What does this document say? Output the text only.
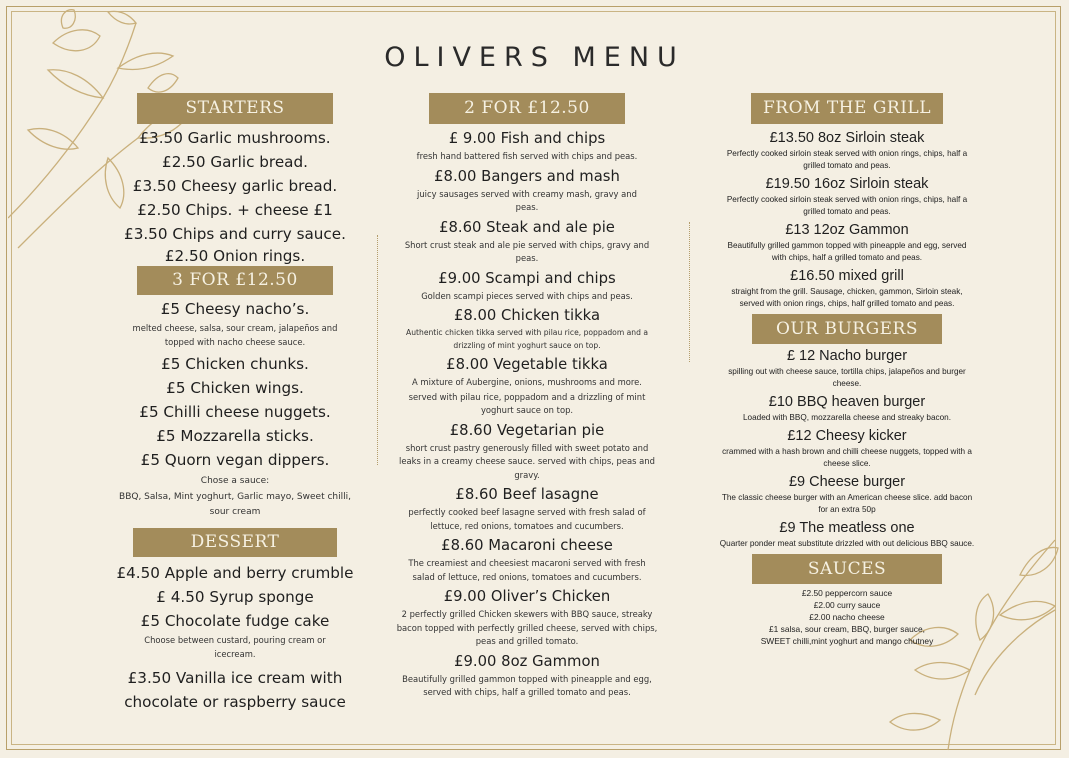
OLIVERS MENU
STARTERS
£3.50 Garlic mushrooms.
£2.50 Garlic bread.
£3.50 Cheesy garlic bread.
£2.50 Chips. + cheese £1
£3.50 Chips and curry sauce.
£2.50 Onion rings.
3 FOR £12.50
£5 Cheesy nacho’s.
melted cheese, salsa, sour cream, jalapeños and topped with nacho cheese sauce.
£5 Chicken chunks.
£5 Chicken wings.
£5 Chilli cheese nuggets.
£5 Mozzarella sticks.
£5 Quorn vegan dippers.
Chose a sauce:
BBQ, Salsa, Mint yoghurt, Garlic mayo, Sweet chilli, sour cream
DESSERT
£4.50 Apple and berry crumble
£ 4.50 Syrup sponge
£5 Chocolate fudge cake
Choose between custard, pouring cream or icecream.
£3.50 Vanilla ice cream with
chocolate or raspberry sauce
2 FOR £12.50
£ 9.00 Fish and chips
fresh hand battered fish served with chips and peas.
£8.00 Bangers and mash
juicy sausages served with creamy mash, gravy and peas.
£8.60 Steak and ale pie
Short crust steak and ale pie served with chips, gravy and peas.
£9.00 Scampi and chips
Golden scampi pieces served with chips and peas.
£8.00 Chicken tikka
Authentic chicken tikka served with pilau rice, poppadom and a drizzling of mint yoghurt sauce on top.
£8.00 Vegetable tikka
A mixture of Aubergine, onions, mushrooms and more.
served with pilau rice, poppadom and a drizzling of mint yoghurt sauce on top.
£8.60 Vegetarian pie
short crust pastry generously filled with sweet potato and leaks in a creamy cheese sauce. served with chips, peas and gravy.
£8.60 Beef lasagne
perfectly cooked beef lasagne served with fresh salad of lettuce, red onions, tomatoes and cucumbers.
£8.60 Macaroni cheese
The creamiest and cheesiest macaroni served with fresh salad of lettuce, red onions, tomatoes and cucumbers.
£9.00 Oliver’s Chicken
2 perfectly grilled Chicken skewers with BBQ sauce, streaky bacon topped with perfectly grilled cheese, served with chips, peas and grilled tomato.
£9.00 8oz Gammon
Beautifully grilled gammon topped with pineapple and egg, served with chips, half a grilled tomato and peas.
FROM THE GRILL
£13.50 8oz Sirloin steak
Perfectly cooked sirloin steak served with onion rings, chips, half a grilled tomato and peas.
£19.50 16oz Sirloin steak
Perfectly cooked sirloin steak served with onion rings, chips, half a grilled tomato and peas.
£13 12oz Gammon
Beautifully grilled gammon topped with pineapple and egg, served with chips, half a grilled tomato and peas.
£16.50 mixed grill
straight from the grill. Sausage, chicken, gammon, Sirloin steak, served with onion rings, chips, half grilled tomato and peas.
OUR BURGERS
£ 12 Nacho burger
spilling out with cheese sauce, tortilla chips, jalapeños and burger cheese.
£10 BBQ heaven burger
Loaded with BBQ, mozzarella cheese and streaky bacon.
£12 Cheesy kicker
crammed with a hash brown and chilli cheese nuggets, topped with a cheese slice.
£9 Cheese burger
The classic cheese burger with an American cheese slice. add bacon for an extra 50p
£9 The meatless one
Quarter ponder meat substitute drizzled with out delicious BBQ sauce.
SAUCES
£2.50 peppercorn sauce
£2.00 curry sauce
£2.00 nacho cheese
£1 salsa, sour cream, BBQ, burger sauce,
SWEET chilli,mint yoghurt and mango chutney
